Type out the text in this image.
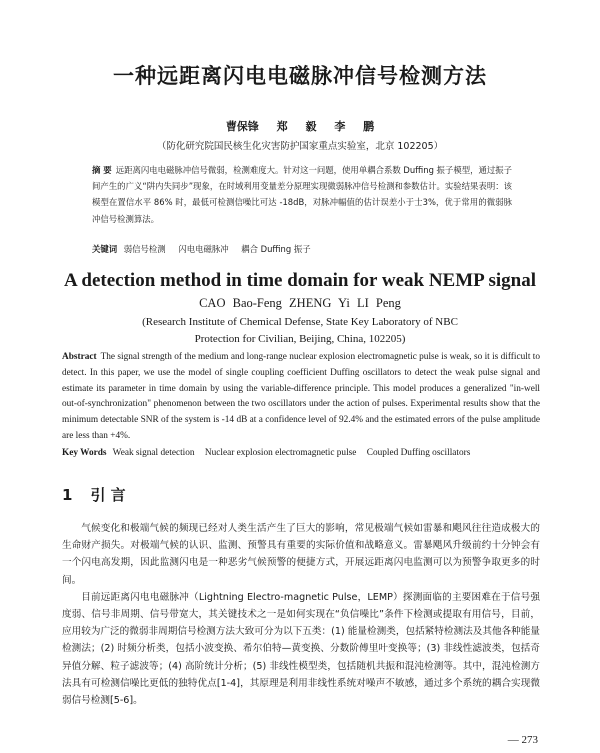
一种远距离闪电电磁脉冲信号检测方法
曹保锋 郑 毅 李 鹏
（防化研究院国民核生化灾害防护国家重点实验室，北京 102205）
摘 要 远距离闪电电磁脉冲信号微弱，检测难度大。针对这一问题，使用单耦合系数 Duffing 振子模型，通过振子间产生的广义“阱内失同步”现象，在时域利用变量差分原理实现微弱脉冲信号检测和参数估计。实验结果表明：该模型在置信水平 86% 时，最低可检测信噪比可达 -18dB，对脉冲幅值的估计误差小于士3%，优于常用的微弱脉冲信号检测算法。
关键词 弱信号检测 闪电电磁脉冲 耦合 Duffing 振子
A detection method in time domain for weak NEMP signal
CAO Bao-Feng ZHENG Yi LI Peng
(Research Institute of Chemical Defense, State Key Laboratory of NBC Protection for Civilian, Beijing, China, 102205)
Abstract The signal strength of the medium and long-range nuclear explosion electromagnetic pulse is weak, so it is difficult to detect. In this paper, we use the model of single coupling coefficient Duffing oscillators to detect the weak pulse signal and estimate its parameter in time domain by using the variable-difference principle. This model produces a generalized "in-well out-of-synchronization" phenomenon between the two oscillators under the action of pulses. Experimental results show that the minimum detectable SNR of the system is -14 dB at a confidence level of 92.4% and the estimated errors of the pulse amplitude are less than +4%.
Key Words Weak signal detection Nuclear explosion electromagnetic pulse Coupled Duffing oscillators
1 引 言

气候变化和极端气候的频现已经对人类生活产生了巨大的影响，常见极端气候如雷暴和飓风往往造成极大的生命财产损失。对极端气候的认识、监测、预警具有重要的实际价值和战略意义。雷暴飓风升级前约十分钟会有一个闪电高发期，因此监测闪电是一种恶劣气候预警的便捷方式，开展远距离闪电监测可以为预警争取更多的时间。

目前远距离闪电电磁脉冲（Lightning Electro-magnetic Pulse，LEMP）探测面临的主要困难在于信号强度弱、信号非周期、信号带宽大，其关键技术之一是如何实现在“负信噪比”条件下检测或提取有用信号，目前，应用较为广泛的微弱非周期信号检测方法大致可分为以下五类：(1) 能量检测类，包括紧特检测法及其他各种能量检测法；(2) 时频分析类，包括小波变换、希尔伯特—黄变换、分数阶傅里叶变换等；(3) 非线性滤波类，包括奇异值分解、粒子滤波等；(4) 高阶统计分析；(5) 非线性模型类，包括随机共振和混沌检测等。其中，混沌检测方法具有可检测信噪比更低的独特优点[1-4]，其原理是利用非线性系统对噪声不敏感，通过多个系统的耦合实现微弱信号检测[5-6]。

— 273
